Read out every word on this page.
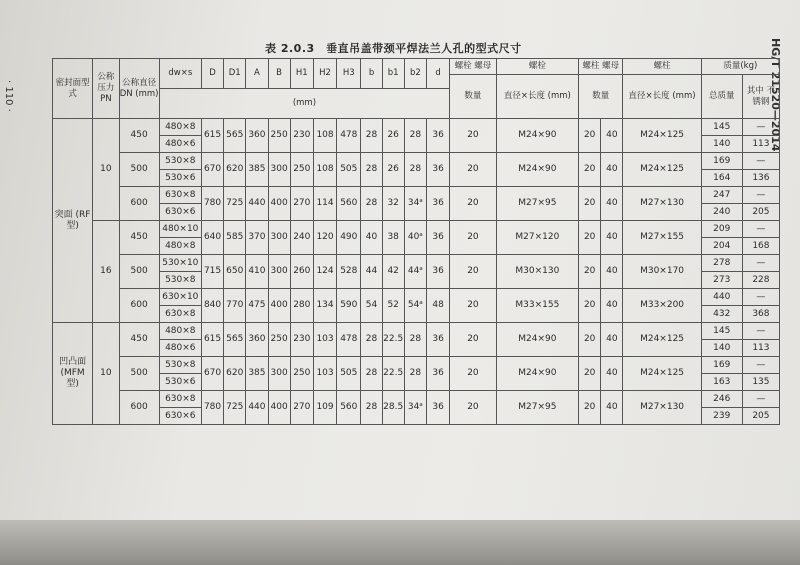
· 110 ·	HG/T 21520—2014
表 2.0.3　垂直吊盖带颈平焊法兰人孔的型式尺寸
密封面型式	公称压力 PN	公称直径 DN (mm)	dw×s	D	D1	A	B	H1	H2	H3	b	b1	b2	d	螺栓 螺母	螺栓	螺柱 螺母		螺柱	质量(kg)	
															数量	直径×长度 (mm)	数量		直径×长度 (mm)	总质量	其中 不锈钢
			(mm)																		
突面 (RF 型)	10	450	480×8	615	565	360	250	230	108	478	28	26	28	36	20	M24×90	20	40	M24×125	145	—
			480×6																	140	113
		500	530×8	670	620	385	300	250	108	505	28	26	28	36	20	M24×90	20	40	M24×125	169	—
			530×6																	164	136
		600	630×8	780	725	440	400	270	114	560	28	32	34ᵃ	36	20	M27×95	20	40	M27×130	247	—
			630×6																	240	205
	16	450	480×10	640	585	370	300	240	120	490	40	38	40ᵃ	36	20	M27×120	20	40	M27×155	209	—
			480×8																	204	168
		500	530×10	715	650	410	300	260	124	528	44	42	44ᵃ	36	20	M30×130	20	40	M30×170	278	—
			530×8																	273	228
		600	630×10	840	770	475	400	280	134	590	54	52	54ᵃ	48	20	M33×155	20	40	M33×200	440	—
			630×8																	432	368
凹凸面 (MFM 型)	10	450	480×8	615	565	360	250	230	103	478	28	22.5	28	36	20	M24×90	20	40	M24×125	145	—
			480×6																	140	113
		500	530×8	670	620	385	300	250	103	505	28	22.5	28	36	20	M24×90	20	40	M24×125	169	—
			530×6																	163	135
		600	630×8	780	725	440	400	270	109	560	28	28.5	34ᵃ	36	20	M27×95	20	40	M27×130	246	—
			630×6																	239	205
